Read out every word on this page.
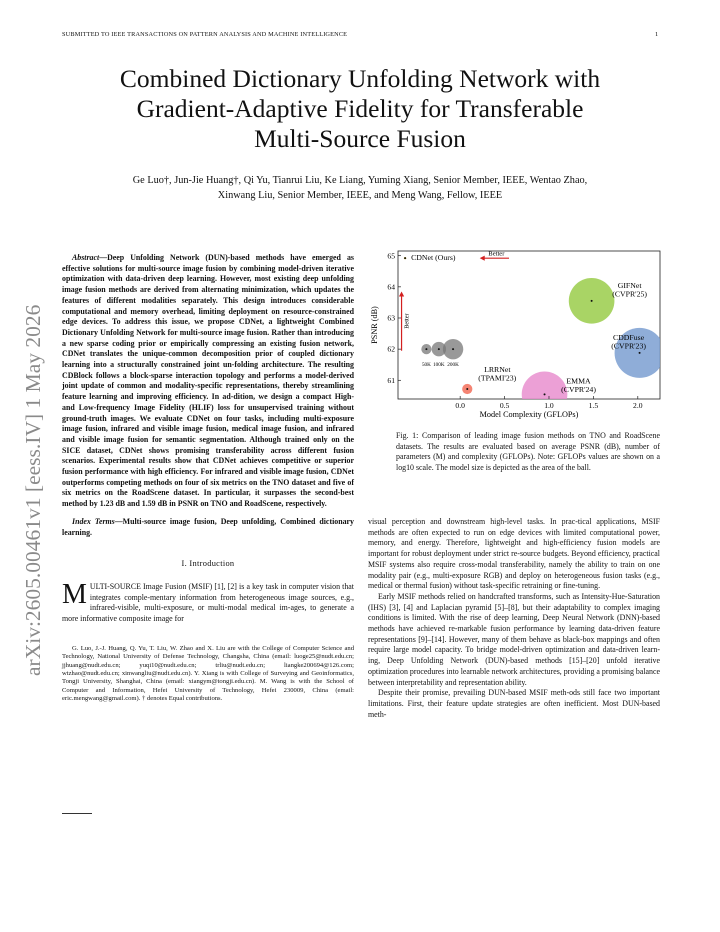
SUBMITTED TO IEEE TRANSACTIONS ON PATTERN ANALYSIS AND MACHINE INTELLIGENCE	1
Combined Dictionary Unfolding Network with
Gradient-Adaptive Fidelity for Transferable
Multi-Source Fusion
Ge Luo†, Jun-Jie Huang†, Qi Yu, Tianrui Liu, Ke Liang, Yuming Xiang, Senior Member, IEEE, Wentao Zhao,
Xinwang Liu, Senior Member, IEEE, and Meng Wang, Fellow, IEEE
arXiv:2605.00461v1 [eess.IV] 1 May 2026

Abstract—Deep Unfolding Network (DUN)-based methods have emerged as effective solutions for multi-source image fusion by combining model-driven iterative optimization with data-driven deep learning. However, most existing deep unfolding image fusion methods are derived from alternating minimization, which updates the features of different modalities separately. This design introduces considerable computational and memory overhead, limiting deployment on resource-constrained edge devices. To address this issue, we propose CDNet, a lightweight Combined Dictionary Unfolding Network for multi-source image fusion. Rather than introducing a new sparse coding prior or empirically compressing an existing fusion network, CDNet translates the unique-common decomposition prior of coupled dictionary learning into a structurally constrained joint un-folding architecture. The resulting CDBlock follows a block-sparse interaction topology and performs a model-derived joint update of common and modality-specific representations, thereby streamlining feature learning and improving efficiency. In ad-dition, we design a compact High- and Low-frequency Image Fidelity (HLIF) loss for unsupervised training without ground-truth images. We evaluate CDNet on four tasks, including multi-exposure image fusion, infrared and visible image fusion, medical image fusion, and infrared and visible image fusion for semantic segmentation. Although trained only on the SICE dataset, CDNet shows promising transferability across different fusion scenarios. Experimental results show that CDNet achieves competitive or superior fusion performance with high efficiency. For infrared and visible image fusion, CDNet outperforms competing methods on four of six metrics on the TNO dataset and five of six metrics on the RoadScene dataset. In particular, it surpasses the second-best method by 1.23 dB and 1.59 dB in PSNR on TNO and RoadScene, respectively.

Index Terms—Multi-source image fusion, Deep unfolding, Combined dictionary learning.

I. Introduction

MULTI-SOURCE Image Fusion (MSIF) [1], [2] is a key task in computer vision that integrates comple-mentary information from heterogeneous image sources, e.g., infrared-visible, multi-exposure, or multi-modal medical im-ages, to generate a more informative composite image for

G. Luo, J.-J. Huang, Q. Yu, T. Liu, W. Zhao and X. Liu are with the College of Computer Science and Technology, National University of Defense Technology, Changsha, China (email: luoge25@nudt.edu.cn; jjhuang@nudt.edu.cn; yuqi10@nudt.edu.cn; trliu@nudt.edu.cn; liangke200694@126.com; wtzhao@nudt.edu.cn; xinwangliu@nudt.edu.cn). Y. Xiang is with College of Surveying and Geoinformatics, Tongji University, Shanghai, China (email: xiangym@tongji.edu.cn). M. Wang is with the School of Computer and Information, Hefei University of Technology, Hefei 230009, China (email: eric.mengwang@gmail.com). † denotes Equal contributions.
0.0	0.5	1.0	1.5	2.0
61
62
63
64
65 CDNet (Ours)
GIFNet
(CVPR'25)
CDDFuse
(CVPR'23)
LRRNet
(TPAMI'23)	EMMA
(CVPR'24)
50K 100K 200K
Better
Better
Model Complexity (GFLOPs)
PSNR (dB)
Fig. 1: Comparison of leading image fusion methods on TNO and RoadScene datasets. The results are evaluated based on average PSNR (dB), number of parameters (M) and complexity (GFLOPs). Note: GFLOPs values are shown on a log10 scale. The model size is depicted as the area of the ball.

visual perception and downstream high-level tasks. In prac-tical applications, MSIF methods are often expected to run on edge devices with limited computational power, memory, and energy. Therefore, lightweight and high-efficiency fusion models are important for robust deployment under strict re-source budgets. Beyond efficiency, practical MSIF systems also require cross-modal transferability, namely the ability to train on one modality pair (e.g., multi-exposure RGB) and deploy on heterogeneous fusion tasks (e.g., medical or thermal fusion) without task-specific retraining or fine-tuning.

Early MSIF methods relied on handcrafted transforms, such as Intensity-Hue-Saturation (IHS) [3], [4] and Laplacian pyramid [5]–[8], but their adaptability to complex imaging conditions is limited. With the rise of deep learning, Deep Neural Network (DNN)-based methods have achieved re-markable fusion performance by learning data-driven feature representations [9]–[14]. However, many of them behave as black-box mappings and often require large model capacity. To bridge model-driven optimization and data-driven learn-ing, Deep Unfolding Network (DUN)-based methods [15]–[20] unfold iterative optimization procedures into learnable network architectures, providing a promising balance between interpretability and representation ability.

Despite their promise, prevailing DUN-based MSIF meth-ods still face two important limitations. First, their feature update strategies are often inefficient. Most DUN-based meth-
